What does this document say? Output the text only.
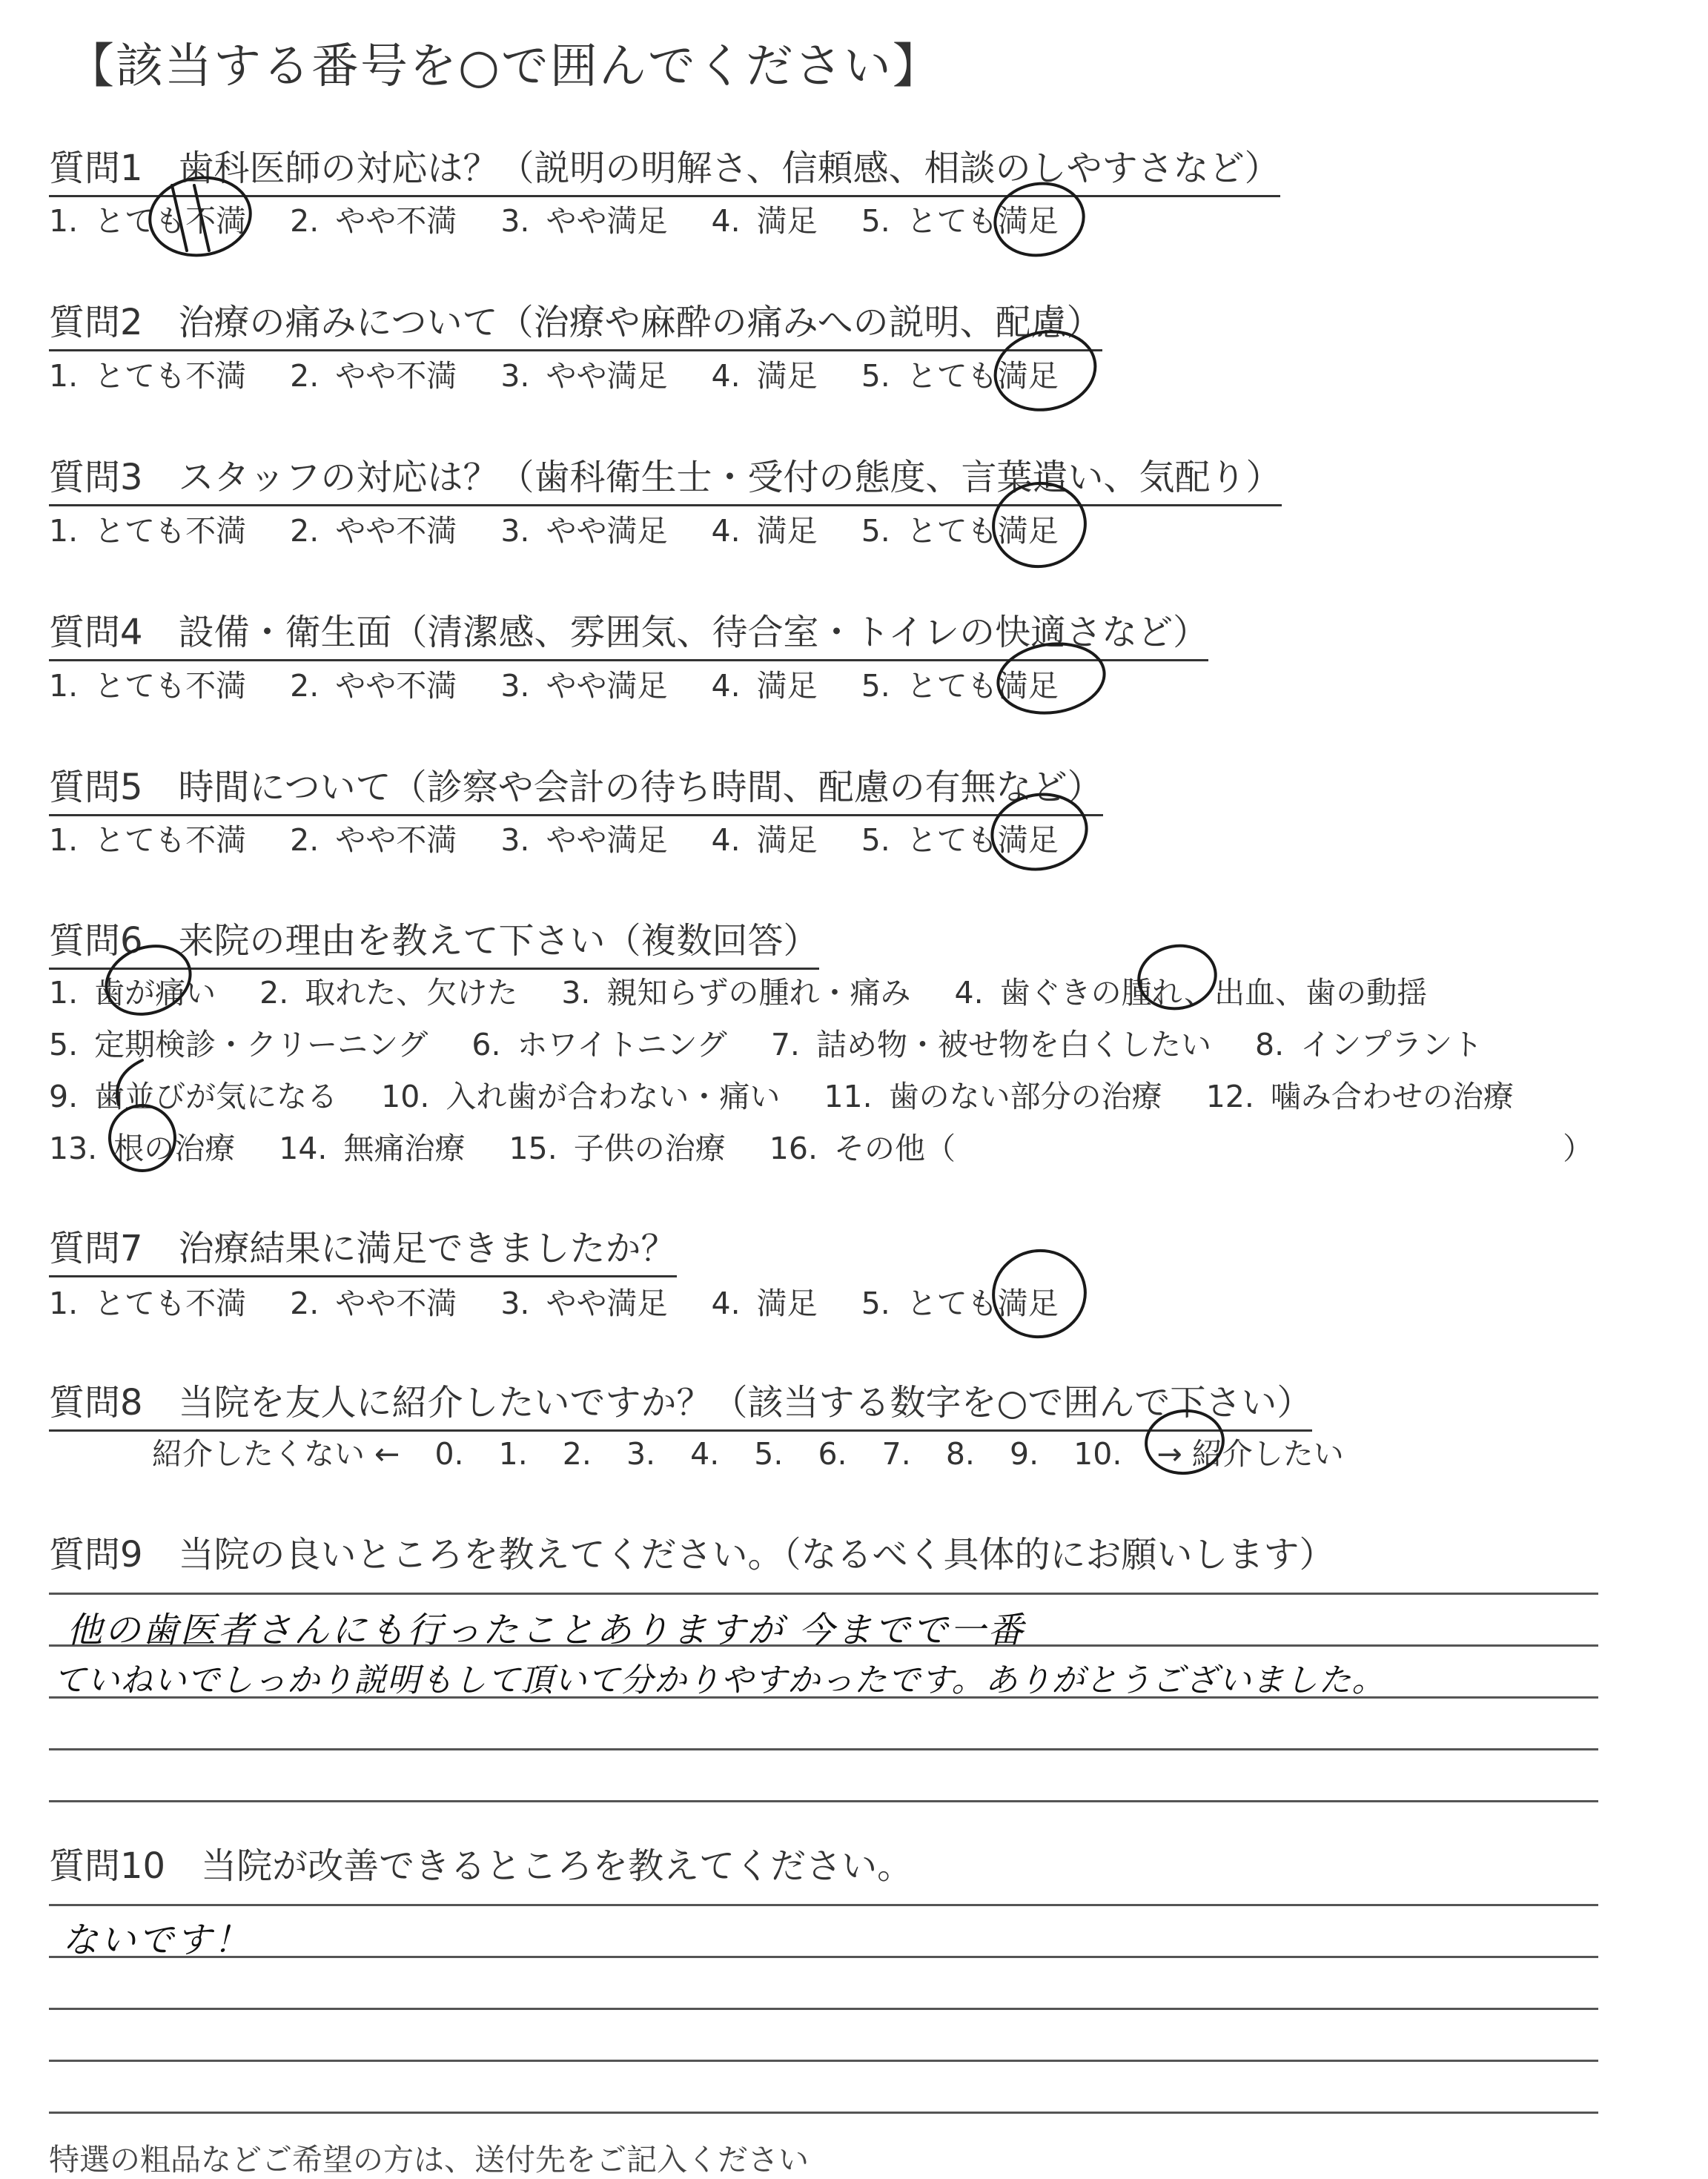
【該当する番号を○で囲んでください】
質問1　歯科医師の対応は？（説明の明解さ、信頼感、相談のしやすさなど）
1. とても不満 2. やや不満 3. やや満足 4. 満足 5. とても満足
質問2　治療の痛みについて（治療や麻酔の痛みへの説明、配慮）
1. とても不満 2. やや不満 3. やや満足 4. 満足 5. とても満足
質問3　スタッフの対応は？（歯科衛生士・受付の態度、言葉遣い、気配り）
1. とても不満 2. やや不満 3. やや満足 4. 満足 5. とても満足
質問4　設備・衛生面（清潔感、雰囲気、待合室・トイレの快適さなど）
1. とても不満 2. やや不満 3. やや満足 4. 満足 5. とても満足
質問5　時間について（診察や会計の待ち時間、配慮の有無など）
1. とても不満 2. やや不満 3. やや満足 4. 満足 5. とても満足
質問6　来院の理由を教えて下さい（複数回答）
1. 歯が痛い 2. 取れた、欠けた 3. 親知らずの腫れ・痛み 4. 歯ぐきの腫れ、出血、歯の動揺
5. 定期検診・クリーニング 6. ホワイトニング 7. 詰め物・被せ物を白くしたい 8. インプラント
9. 歯並びが気になる 10. 入れ歯が合わない・痛い 11. 歯のない部分の治療 12. 噛み合わせの治療
13. 根の治療 14. 無痛治療 15. 子供の治療 16. その他（	）
質問7　治療結果に満足できましたか？
1. とても不満 2. やや不満 3. やや満足 4. 満足 5. とても満足
質問8　当院を友人に紹介したいですか？（該当する数字を○で囲んで下さい）
紹介したくない ← 0. 1. 2. 3. 4. 5. 6. 7. 8. 9. 10. → 紹介したい
質問9　当院の良いところを教えてください。（なるべく具体的にお願いします）
他の歯医者さんにも行ったことありますが 今までで一番
ていねいでしっかり説明もして頂いて分かりやすかったです。ありがとうございました。
質問10　当院が改善できるところを教えてください。
ないです！
特選の粗品などご希望の方は、送付先をご記入ください
